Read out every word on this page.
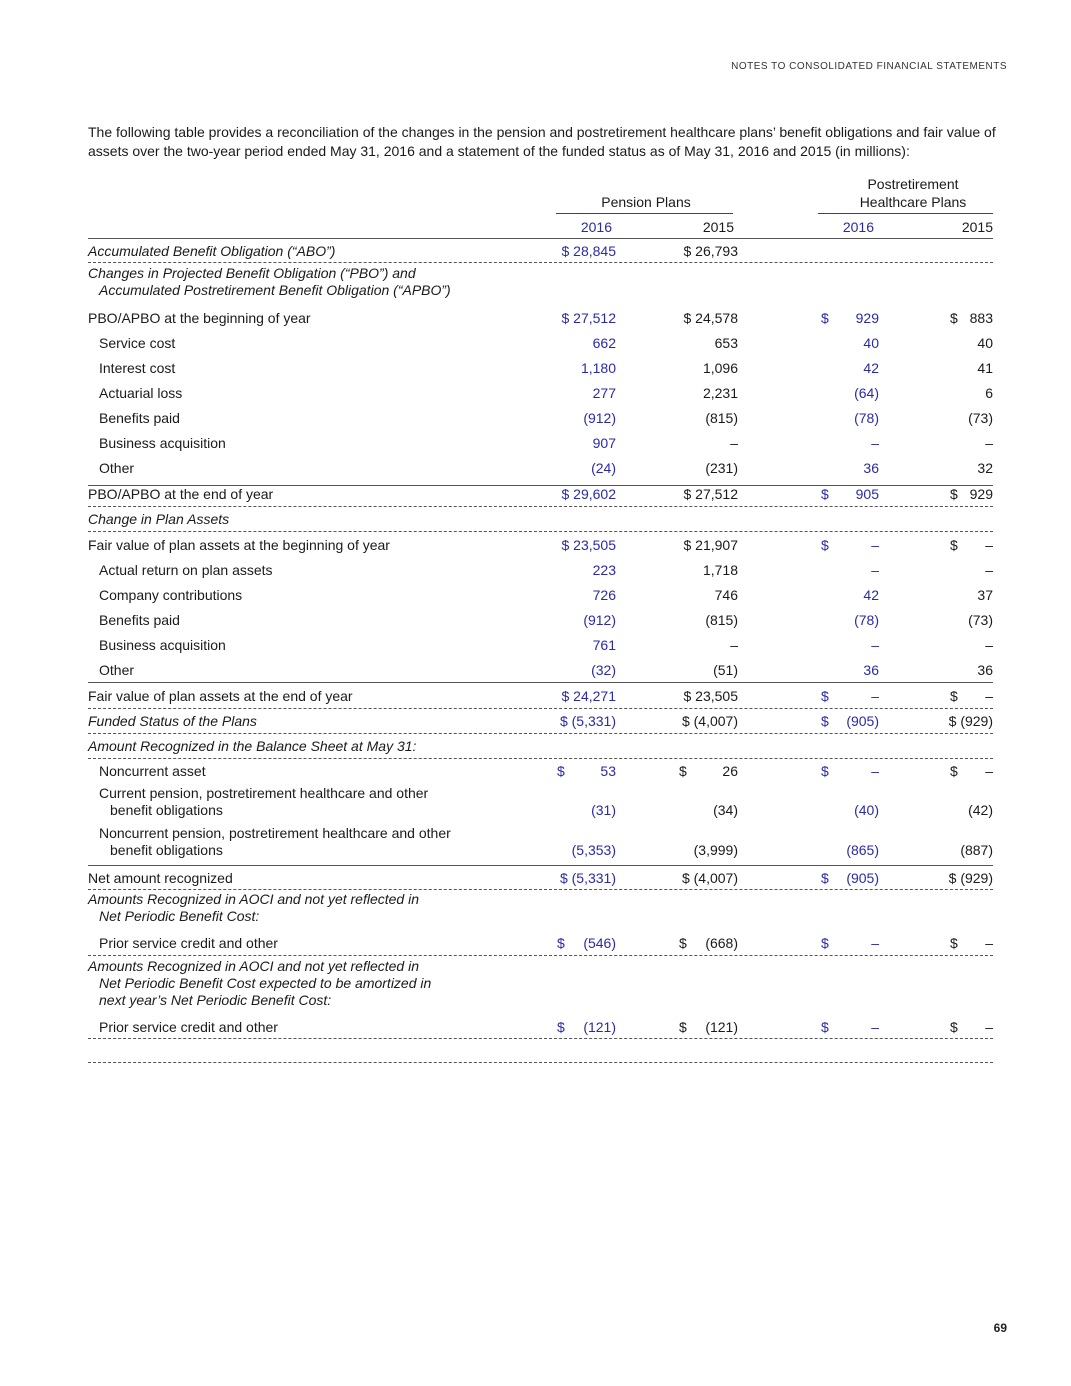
NOTES TO CONSOLIDATED FINANCIAL STATEMENTS
The following table provides a reconciliation of the changes in the pension and postretirement healthcare plans’ benefit obligations and fair value of assets over the two-year period ended May 31, 2016 and a statement of the funded status as of May 31, 2016 and 2015 (in millions):
Pension Plans
Postretirement
Healthcare Plans
2016	2015	2016	2015
Accumulated Benefit Obligation (“ABO”)	$ 28,845	$ 26,793
Changes in Projected Benefit Obligation (“PBO”) and
Accumulated Postretirement Benefit Obligation (“APBO”)
PBO/APBO at the beginning of year	$ 27,512	$ 24,578	$ 929	$ 883
Service cost	662	653	40	40
Interest cost	1,180	1,096	42	41
Actuarial loss	277	2,231	(64)	6
Benefits paid	(912)	(815)	(78)	(73)
Business acquisition	907	–	–	–
Other	(24)	(231)	36	32
PBO/APBO at the end of year	$ 29,602	$ 27,512	$ 905	$ 929
Change in Plan Assets
Fair value of plan assets at the beginning of year	$ 23,505	$ 21,907	$	–	$ –
Actual return on plan assets	223	1,718	–	–
Company contributions	726	746	42	37
Benefits paid	(912)	(815)	(78)	(73)
Business acquisition	761	–	–	–
Other	(32)	(51)	36	36
Fair value of plan assets at the end of year	$ 24,271	$ 23,505	$	–	$ –
Funded Status of the Plans	$ (5,331)	$ (4,007)	$ (905)	$ (929)
Amount Recognized in the Balance Sheet at May 31:
Noncurrent asset	$	53	$	26	$	–	$ –
Current pension, postretirement healthcare and other
benefit obligations	(31)	(34)	(40)	(42)
Noncurrent pension, postretirement healthcare and other
benefit obligations	(5,353)	(3,999)	(865)	(887)
Net amount recognized	$ (5,331)	$ (4,007)	$ (905)	$ (929)
Amounts Recognized in AOCI and not yet reflected in
Net Periodic Benefit Cost:
Prior service credit and other	$ (546)	$ (668)	$	–	$ –
Amounts Recognized in AOCI and not yet reflected in
Net Periodic Benefit Cost expected to be amortized in
next year’s Net Periodic Benefit Cost:
Prior service credit and other	$ (121)	$ (121)	$	–	$ –
69
